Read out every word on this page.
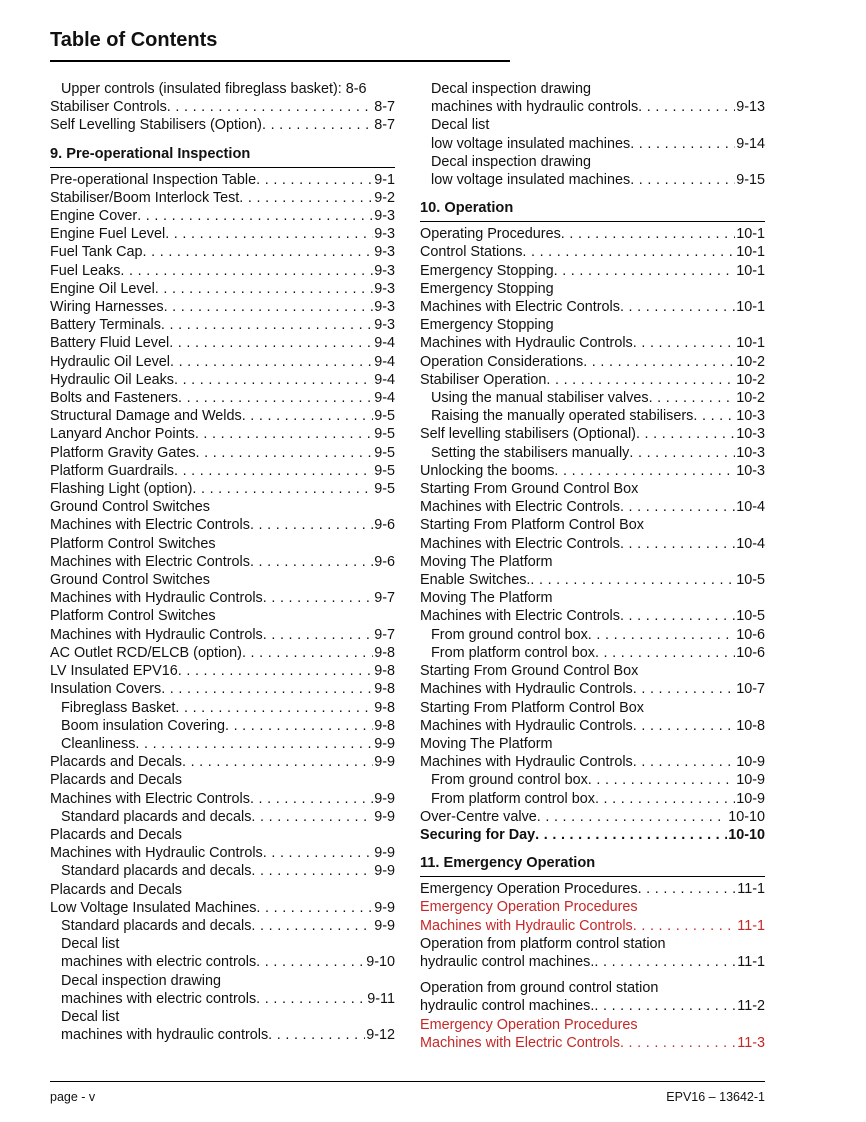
Table of Contents
Upper controls (insulated fibreglass basket): 8-6
Stabiliser Controls . . .	8-7
Self Levelling Stabilisers (Option) . . .	8-7
9. Pre-operational Inspection
Pre-operational Inspection Table . . .	9-1
Stabiliser/Boom Interlock Test . . .	9-2
Engine Cover . . .	9-3
Engine Fuel Level . . .	9-3
Fuel Tank Cap . . .	9-3
Fuel Leaks . . .	9-3
Engine Oil Level . . .	9-3
Wiring Harnesses . . .	9-3
Battery Terminals . . .	9-3
Battery Fluid Level . . .	9-4
Hydraulic Oil Level . . .	9-4
Hydraulic Oil Leaks . . .	9-4
Bolts and Fasteners . . .	9-4
Structural Damage and Welds . . .	9-5
Lanyard Anchor Points . . .	9-5
Platform Gravity Gates . . .	9-5
Platform Guardrails . . .	9-5
Flashing Light (option) . . .	9-5
Ground Control Switches
Machines with Electric Controls . . .	9-6
Platform Control Switches
Machines with Electric Controls . . .	9-6
Ground Control Switches
Machines with Hydraulic Controls . . .	9-7
Platform Control Switches
Machines with Hydraulic Controls . . .	9-7
AC Outlet RCD/ELCB (option) . . .	9-8
LV Insulated EPV16 . . .	9-8
Insulation Covers . . .	9-8
Fibreglass Basket . . .	9-8
Boom insulation Covering . . .	9-8
Cleanliness . . .	9-9
Placards and Decals . . .	9-9
Placards and Decals
Machines with Electric Controls . . .	9-9
Standard placards and decals . . .	9-9
Placards and Decals
Machines with Hydraulic Controls . . .	9-9
Standard placards and decals . . .	9-9
Placards and Decals
Low Voltage Insulated Machines . . .	9-9
Standard placards and decals . . .	9-9
Decal list
machines with electric controls . . .	9-10
Decal inspection drawing
machines with electric controls . . .	9-11
Decal list
machines with hydraulic controls . . .	9-12
Decal inspection drawing
machines with hydraulic controls . . .	9-13
Decal list
low voltage insulated machines . . .	9-14
Decal inspection drawing
low voltage insulated machines . . .	9-15
10. Operation
Operating Procedures . . .	10-1
Control Stations . . .	10-1
Emergency Stopping . . .	10-1
Emergency Stopping
Machines with Electric Controls . . .	10-1
Emergency Stopping
Machines with Hydraulic Controls . . .	10-1
Operation Considerations . . .	10-2
Stabiliser Operation . . .	10-2
Using the manual stabiliser valves . . .	10-2
Raising the manually operated stabilisers . . .	10-3
Self levelling stabilisers (Optional) . . .	10-3
Setting the stabilisers manually . . .	10-3
Unlocking the booms . . .	10-3
Starting From Ground Control Box
Machines with Electric Controls . . .	10-4
Starting From Platform Control Box
Machines with Electric Controls . . .	10-4
Moving The Platform
Enable Switches. . . .	10-5
Moving The Platform
Machines with Electric Controls . . .	10-5
From ground control box . . .	10-6
From platform control box . . .	10-6
Starting From Ground Control Box
Machines with Hydraulic Controls . . .	10-7
Starting From Platform Control Box
Machines with Hydraulic Controls . . .	10-8
Moving The Platform
Machines with Hydraulic Controls . . .	10-9
From ground control box . . .	10-9
From platform control box . . .	10-9
Over-Centre valve . . .	10-10
Securing for Day . . .	10-10
11. Emergency Operation
Emergency Operation Procedures . . .	11-1
Emergency Operation Procedures
Machines with Hydraulic Controls . . .	11-1
Operation from platform control station
hydraulic control machines. . . .	11-1
Operation from ground control station
hydraulic control machines. . . .	11-2
Emergency Operation Procedures
Machines with Electric Controls . . .	11-3
page - v	EPV16 – 13642-1
